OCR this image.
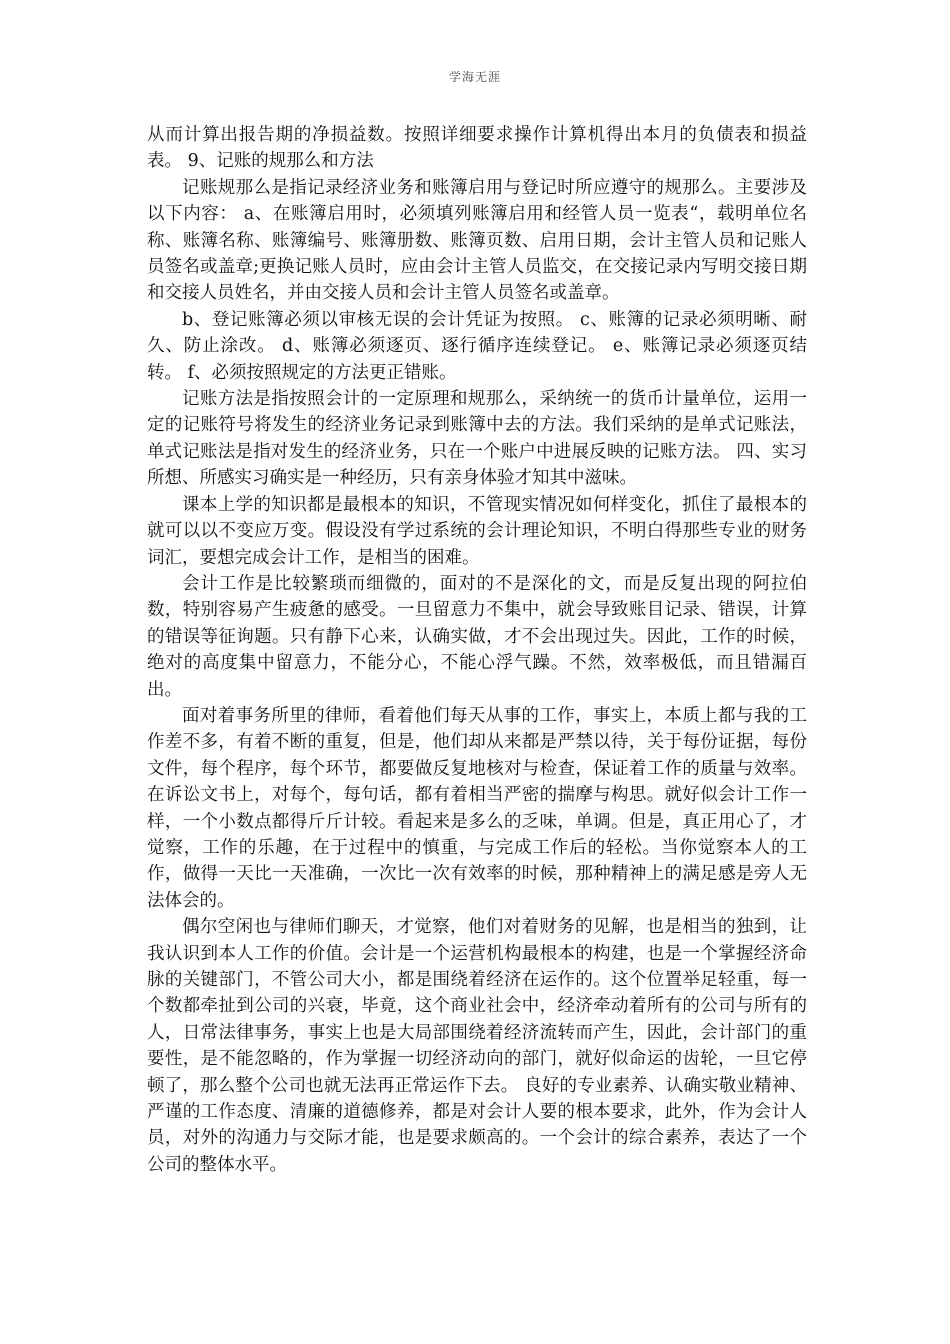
学海无涯

从而计算出报告期的净损益数。按照详细要求操作计算机得出本月的负债表和损益表。 9、记账的规那么和方法

记账规那么是指记录经济业务和账簿启用与登记时所应遵守的规那么。主要涉及以下内容： a、在账簿启用时，必须填列账簿启用和经管人员一览表“，载明单位名称、账簿名称、账簿编号、账簿册数、账簿页数、启用日期，会计主管人员和记账人员签名或盖章;更换记账人员时，应由会计主管人员监交，在交接记录内写明交接日期和交接人员姓名，并由交接人员和会计主管人员签名或盖章。

b、登记账簿必须以审核无误的会计凭证为按照。 c、账簿的记录必须明晰、耐久、防止涂改。 d、账簿必须逐页、逐行循序连续登记。 e、账簿记录必须逐页结转。 f、必须按照规定的方法更正错账。

记账方法是指按照会计的一定原理和规那么，采纳统一的货币计量单位，运用一定的记账符号将发生的经济业务记录到账簿中去的方法。我们采纳的是单式记账法，单式记账法是指对发生的经济业务，只在一个账户中进展反映的记账方法。 四、实习所想、所感实习确实是一种经历，只有亲身体验才知其中滋味。

课本上学的知识都是最根本的知识，不管现实情况如何样变化，抓住了最根本的就可以以不变应万变。假设没有学过系统的会计理论知识，不明白得那些专业的财务词汇，要想完成会计工作，是相当的困难。

会计工作是比较繁琐而细微的，面对的不是深化的文，而是反复出现的阿拉伯数，特别容易产生疲惫的感受。一旦留意力不集中，就会导致账目记录、错误，计算的错误等征询题。只有静下心来，认确实做，才不会出现过失。因此，工作的时候，绝对的高度集中留意力，不能分心，不能心浮气躁。不然，效率极低，而且错漏百出。

面对着事务所里的律师，看着他们每天从事的工作，事实上，本质上都与我的工作差不多，有着不断的重复，但是，他们却从来都是严禁以待，关于每份证据，每份文件，每个程序，每个环节，都要做反复地核对与检查，保证着工作的质量与效率。在诉讼文书上，对每个，每句话，都有着相当严密的揣摩与构思。就好似会计工作一样，一个小数点都得斤斤计较。看起来是多么的乏味，单调。但是，真正用心了，才觉察，工作的乐趣，在于过程中的慎重，与完成工作后的轻松。当你觉察本人的工作，做得一天比一天准确，一次比一次有效率的时候，那种精神上的满足感是旁人无法体会的。

偶尔空闲也与律师们聊天，才觉察，他们对着财务的见解，也是相当的独到，让我认识到本人工作的价值。会计是一个运营机构最根本的构建，也是一个掌握经济命脉的关键部门，不管公司大小，都是围绕着经济在运作的。这个位置举足轻重，每一个数都牵扯到公司的兴衰，毕竟，这个商业社会中，经济牵动着所有的公司与所有的人，日常法律事务，事实上也是大局部围绕着经济流转而产生，因此，会计部门的重要性，是不能忽略的，作为掌握一切经济动向的部门，就好似命运的齿轮，一旦它停顿了，那么整个公司也就无法再正常运作下去。 良好的专业素养、认确实敬业精神、严谨的工作态度、清廉的道德修养，都是对会计人要的根本要求，此外，作为会计人员，对外的沟通力与交际才能，也是要求颇高的。一个会计的综合素养，表达了一个公司的整体水平。
